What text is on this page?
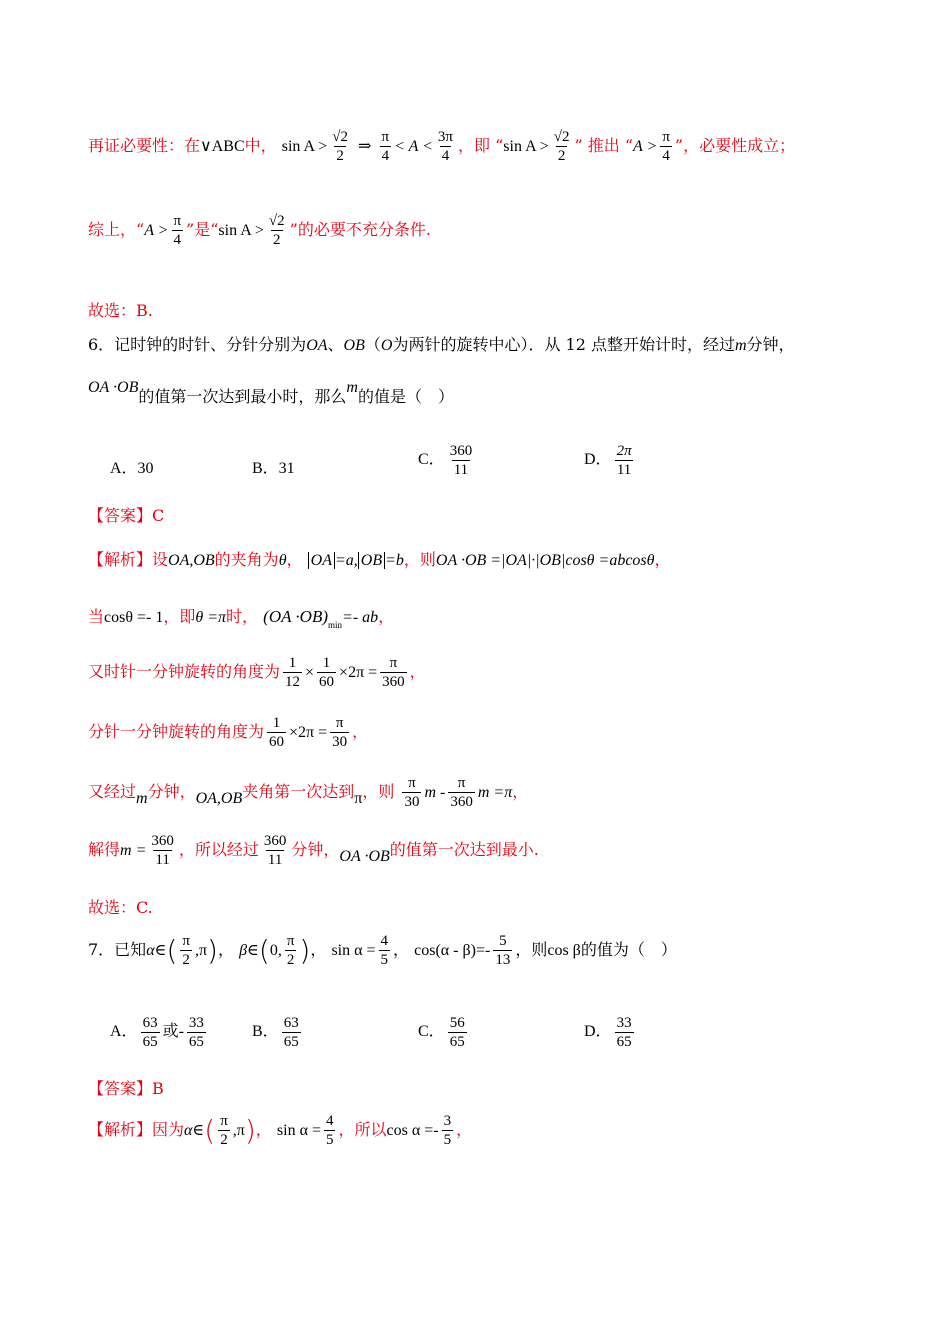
再证必要性：在∨ABC中， $\sin A > \frac{√2}{2}$ ⇒ $\frac{\pi}{4} < A < \frac{3\pi}{4}$ ，即 “sin $A > \frac{√2}{2}$ ” 推出 “$A > \frac{\pi}{4}$ ”，必要性成立；
综上，“$A > \frac{\pi}{4}$ ”是“sin $A > \frac{√2}{2}$ ”的必要不充分条件.
故选：B.
6．记时钟的时针、分针分别为OA、OB（O为两针的旋转中心）．从 12 点整开始计时，经过m分钟，
OA ·OB的值第一次达到最小时，那么m的值是（　）
A．30	B．31
C． $\frac{360}{11}$	D． $\frac{2\pi}{11}$
【答案】C
【解析】设OA,OB的夹角为θ， OA =a, OB =b，则OA ·OB =|OA|·|OB|cosθ =abcosθ，
当cosθ =- 1，即θ =π时， $(OA \cdot OB)_{min}=-$ ab，
又时针一分钟旋转的角度为 $\frac{1}{12} \times \frac{1}{60} \times 2\pi = \frac{\pi}{360}$ ，
分针一分钟旋转的角度为 $\frac{1}{60} \times 2\pi = \frac{\pi}{30}$ ，
又经过m分钟，OA,OB夹角第一次达到π，则 $\frac{\pi}{30}$ m - $\frac{\pi}{360}$ m =π，
解得$m = \frac{360}{11}$ ，所以经过 $\frac{360}{11}$ 分钟，OA ·OB的值第一次达到最小.
故选：C.
7．已知α∈( $\frac{\pi}{2} ,\pi$)， β∈(0, $\frac{\pi}{2}$ )， $\sin \alpha = \frac{4}{5}$ ， $\cos(\alpha - \beta)=- \frac{5}{13}$ ，则cos β的值为（　）
A． $\frac{63}{65}$ 或- $\frac{33}{65}$	B． $\frac{63}{65}$	C． $\frac{56}{65}$	D． $\frac{33}{65}$
【答案】B
【解析】因为α∈( $\frac{\pi}{2} ,\pi$)， $\sin \alpha = \frac{4}{5}$ ，所以$\cos \alpha =- \frac{3}{5}$ ，
